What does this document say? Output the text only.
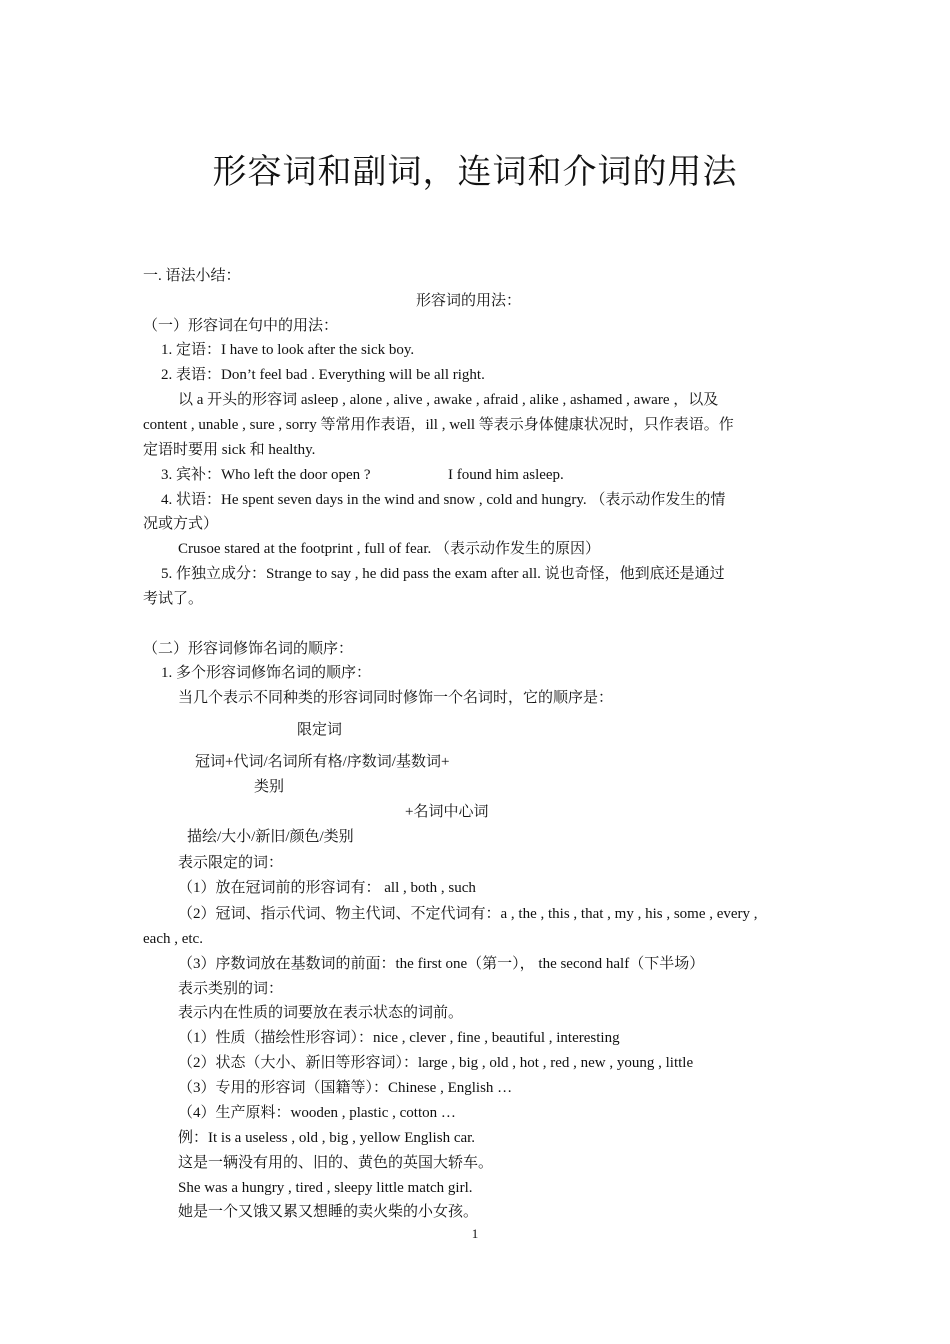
形容词和副词，连词和介词的用法
一. 语法小结：
形容词的用法：
（一）形容词在句中的用法：
1. 定语：I have to look after the sick boy.
2. 表语：Don’t feel bad . Everything will be all right.
以 a 开头的形容词 asleep , alone , alive , awake , afraid , alike , ashamed , aware ，以及
content , unable , sure , sorry 等常用作表语，ill , well 等表示身体健康状况时，只作表语。作
定语时要用 sick 和 healthy.
3. 宾补：Who left the door open ?	I found him asleep.
4. 状语：He spent seven days in the wind and snow , cold and hungry. （表示动作发生的情
况或方式）
Crusoe stared at the footprint , full of fear. （表示动作发生的原因）
5. 作独立成分：Strange to say , he did pass the exam after all. 说也奇怪，他到底还是通过
考试了。
（二）形容词修饰名词的顺序：
1. 多个形容词修饰名词的顺序：
当几个表示不同种类的形容词同时修饰一个名词时，它的顺序是：
限定词
冠词+代词/名词所有格/序数词/基数词+
类别
+名词中心词
描绘/大小/新旧/颜色/类别
表示限定的词：
（1）放在冠词前的形容词有： all , both , such
（2）冠词、指示代词、物主代词、不定代词有：a , the , this , that , my , his , some , every ,
each , etc.
（3）序数词放在基数词的前面：the first one（第一）， the second half（下半场）
表示类别的词：
表示内在性质的词要放在表示状态的词前。
（1）性质（描绘性形容词）：nice , clever , fine , beautiful , interesting
（2）状态（大小、新旧等形容词）：large , big , old , hot , red , new , young , little
（3）专用的形容词（国籍等）：Chinese , English …
（4）生产原料：wooden , plastic , cotton …
例：It is a useless , old , big , yellow English car.
这是一辆没有用的、旧的、黄色的英国大轿车。
She was a hungry , tired , sleepy little match girl.
她是一个又饿又累又想睡的卖火柴的小女孩。
1
